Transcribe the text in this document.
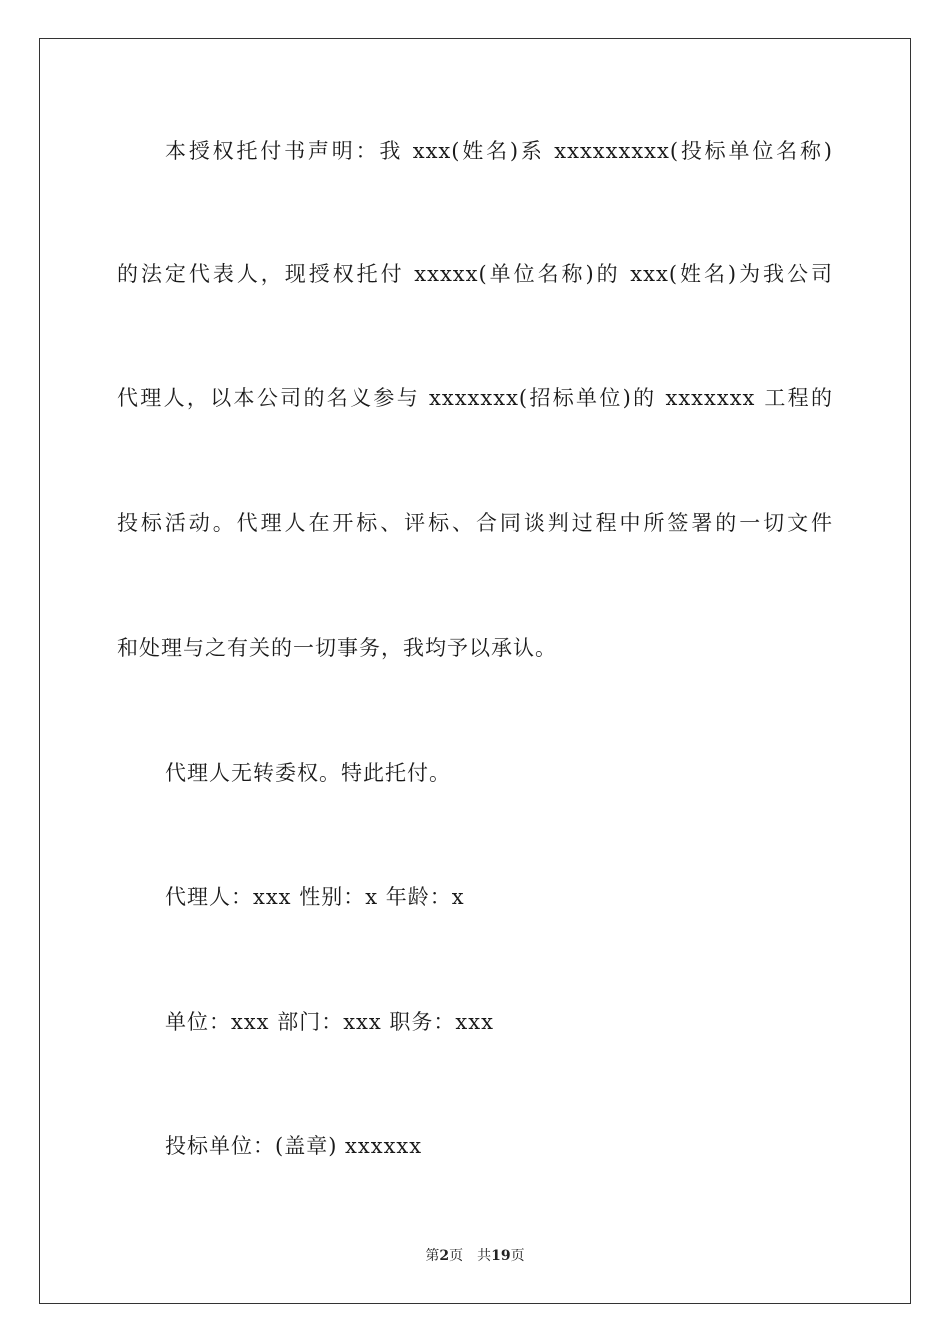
本授权托付书声明：我 xxx(姓名)系 xxxxxxxxx(投标单位名称)
的法定代表人，现授权托付 xxxxx(单位名称)的 xxx(姓名)为我公司
代理人，以本公司的名义参与 xxxxxxx(招标单位)的 xxxxxxx 工程的
投标活动。代理人在开标、评标、合同谈判过程中所签署的一切文件
和处理与之有关的一切事务，我均予以承认。
代理人无转委权。特此托付。
代理人：xxx 性别：x 年龄：x
单位：xxx 部门：xxx 职务：xxx
投标单位：(盖章) xxxxxx
第2页 共19页
